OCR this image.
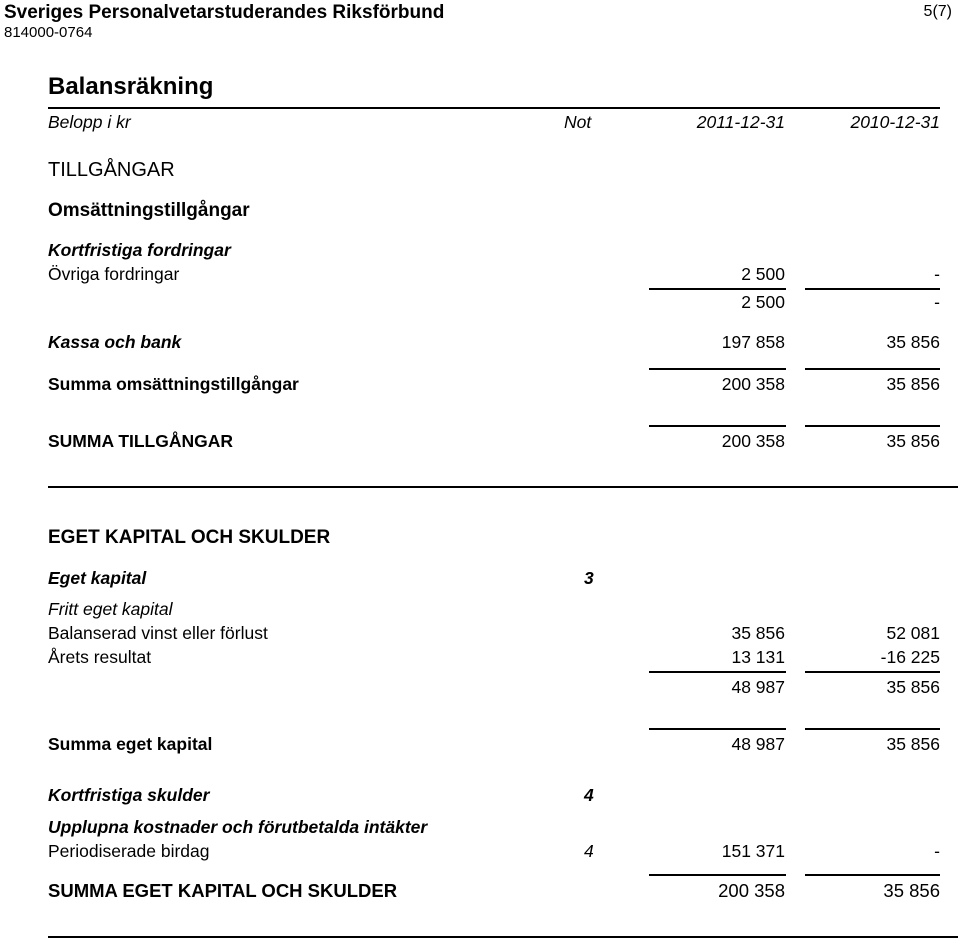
Sveriges Personalvetarstuderandes Riksförbund
814000-0764
5(7)
Balansräkning
Belopp i kr	Not	2011-12-31	2010-12-31
TILLGÅNGAR
Omsättningstillgångar
Kortfristiga fordringar
Övriga fordringar	2 500	-
2 500	-
Kassa och bank	197 858	35 856
Summa omsättningstillgångar	200 358	35 856
SUMMA TILLGÅNGAR	200 358	35 856
EGET KAPITAL OCH SKULDER
Eget kapital	3
Fritt eget kapital
Balanserad vinst eller förlust	35 856	52 081
Årets resultat	13 131	-16 225
48 987	35 856
Summa eget kapital	48 987	35 856
Kortfristiga skulder	4
Upplupna kostnader och förutbetalda intäkter
Periodiserade birdag	4	151 371	-
SUMMA EGET KAPITAL OCH SKULDER	200 358	35 856
